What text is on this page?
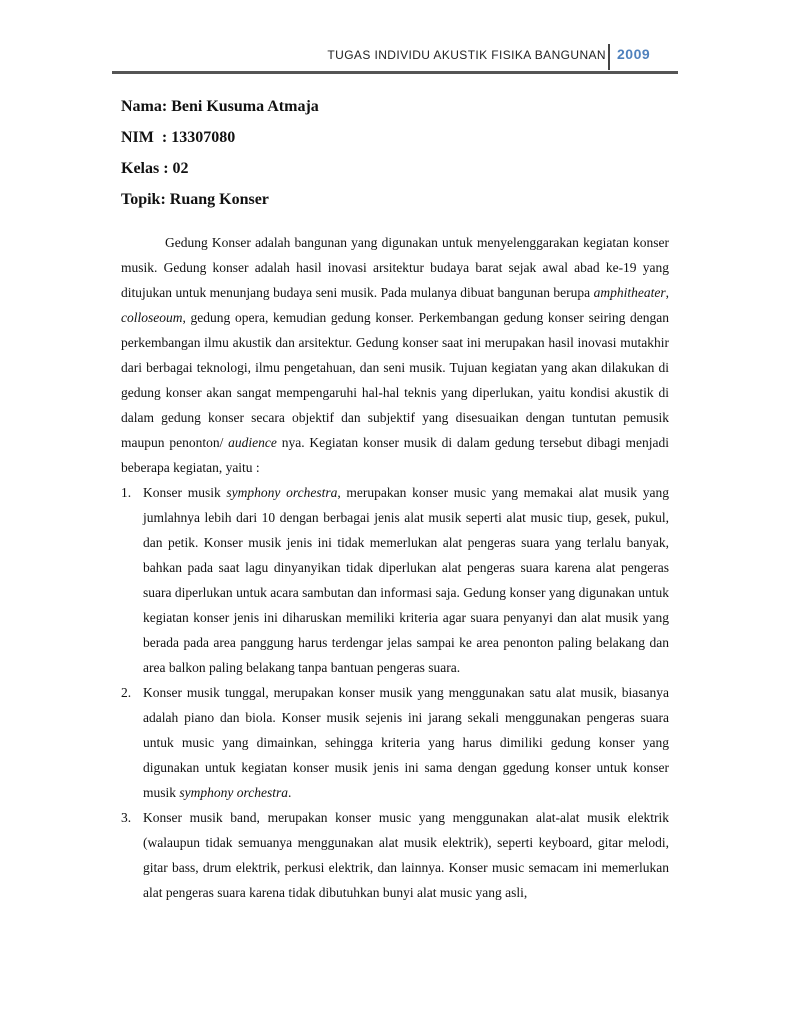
TUGAS INDIVIDU AKUSTIK FISIKA BANGUNAN 2009
Nama: Beni Kusuma Atmaja
NIM  : 13307080
Kelas : 02
Topik: Ruang Konser

Gedung Konser adalah bangunan yang digunakan untuk menyelenggarakan kegiatan konser musik. Gedung konser adalah hasil inovasi arsitektur budaya barat sejak awal abad ke-19 yang ditujukan untuk menunjang budaya seni musik. Pada mulanya dibuat bangunan berupa amphitheater, colloseoum, gedung opera, kemudian gedung konser. Perkembangan gedung konser seiring dengan perkembangan ilmu akustik dan arsitektur. Gedung konser saat ini merupakan hasil inovasi mutakhir dari berbagai teknologi, ilmu pengetahuan, dan seni musik. Tujuan kegiatan yang akan dilakukan di gedung konser akan sangat mempengaruhi hal-hal teknis yang diperlukan, yaitu kondisi akustik di dalam gedung konser secara objektif dan subjektif yang disesuaikan dengan tuntutan pemusik maupun penonton/ audience nya. Kegiatan konser musik di dalam gedung tersebut dibagi menjadi beberapa kegiatan, yaitu :

1. Konser musik symphony orchestra, merupakan konser music yang memakai alat musik yang jumlahnya lebih dari 10 dengan berbagai jenis alat musik seperti alat music tiup, gesek, pukul, dan petik. Konser musik jenis ini tidak memerlukan alat pengeras suara yang terlalu banyak, bahkan pada saat lagu dinyanyikan tidak diperlukan alat pengeras suara karena alat pengeras suara diperlukan untuk acara sambutan dan informasi saja. Gedung konser yang digunakan untuk kegiatan konser jenis ini diharuskan memiliki kriteria agar suara penyanyi dan alat musik yang berada pada area panggung harus terdengar jelas sampai ke area penonton paling belakang dan area balkon paling belakang tanpa bantuan pengeras suara.
2. Konser musik tunggal, merupakan konser musik yang menggunakan satu alat musik, biasanya adalah piano dan biola. Konser musik sejenis ini jarang sekali menggunakan pengeras suara untuk music yang dimainkan, sehingga kriteria yang harus dimiliki gedung konser yang digunakan untuk kegiatan konser musik jenis ini sama dengan ggedung konser untuk konser musik symphony orchestra.
3. Konser musik band, merupakan konser music yang menggunakan alat-alat musik elektrik (walaupun tidak semuanya menggunakan alat musik elektrik), seperti keyboard, gitar melodi, gitar bass, drum elektrik, perkusi elektrik, dan lainnya. Konser music semacam ini memerlukan alat pengeras suara karena tidak dibutuhkan bunyi alat music yang asli,
